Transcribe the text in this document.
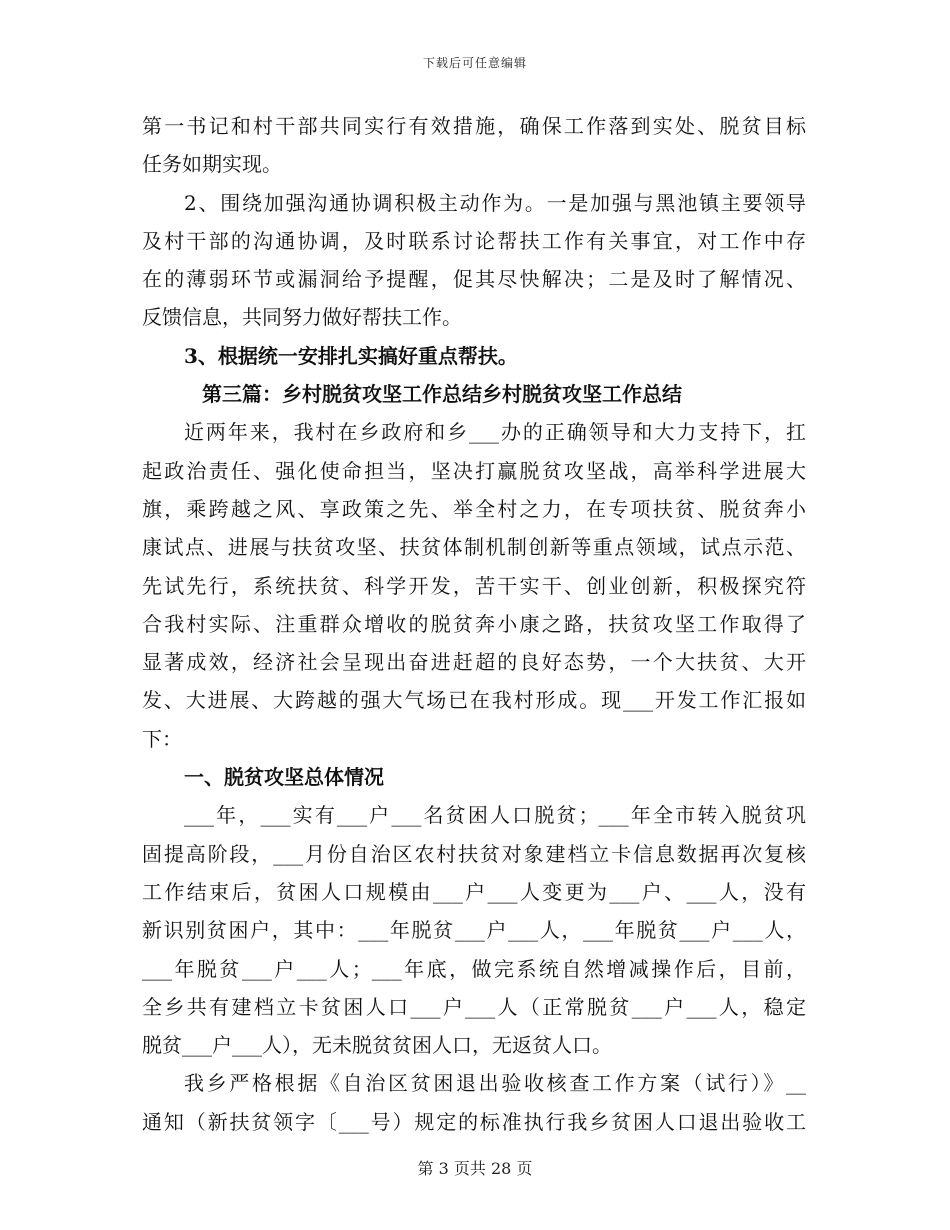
下载后可任意编辑
第一书记和村干部共同实行有效措施，确保工作落到实处、脱贫目标
任务如期实现。
2、围绕加强沟通协调积极主动作为。一是加强与黑池镇主要领导
及村干部的沟通协调，及时联系讨论帮扶工作有关事宜，对工作中存
在的薄弱环节或漏洞给予提醒，促其尽快解决；二是及时了解情况、
反馈信息，共同努力做好帮扶工作。
3、根据统一安排扎实搞好重点帮扶。
第三篇：乡村脱贫攻坚工作总结乡村脱贫攻坚工作总结
近两年来，我村在乡政府和乡___办的正确领导和大力支持下，扛
起政治责任、强化使命担当，坚决打赢脱贫攻坚战，高举科学进展大
旗，乘跨越之风、享政策之先、举全村之力，在专项扶贫、脱贫奔小
康试点、进展与扶贫攻坚、扶贫体制机制创新等重点领域，试点示范、
先试先行，系统扶贫、科学开发，苦干实干、创业创新，积极探究符
合我村实际、注重群众增收的脱贫奔小康之路，扶贫攻坚工作取得了
显著成效，经济社会呈现出奋进赶超的良好态势，一个大扶贫、大开
发、大进展、大跨越的强大气场已在我村形成。现___开发工作汇报如
下：
一、脱贫攻坚总体情况
___年，___实有___户___名贫困人口脱贫；___年全市转入脱贫巩
固提高阶段，___月份自治区农村扶贫对象建档立卡信息数据再次复核
工作结束后，贫困人口规模由___户___人变更为___户、___人，没有
新识别贫困户，其中：___年脱贫___户___人，___年脱贫___户___人，
___年脱贫___户___人；___年底，做完系统自然增减操作后，目前，
全乡共有建档立卡贫困人口___户___人（正常脱贫___户___人，稳定
脱贫___户___人），无未脱贫贫困人口，无返贫人口。
我乡严格根据《自治区贫困退出验收核查工作方案（试行）》__
通知（新扶贫领字〔___号）规定的标准执行我乡贫困人口退出验收工
第 3 页共 28 页
